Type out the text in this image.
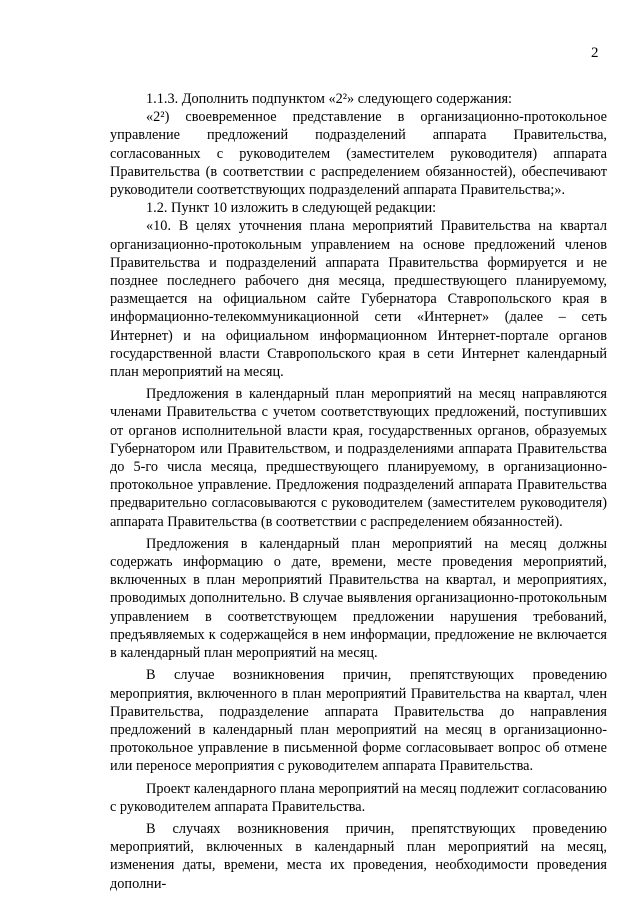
2

1.1.3. Дополнить подпунктом «2²» следующего содержания:

«2²) своевременное представление в организационно-протокольное управление предложений подразделений аппарата Правительства, согласованных с руководителем (заместителем руководителя) аппарата Правительства (в соответствии с распределением обязанностей), обеспечивают руководители соответствующих подразделений аппарата Правительства;».

1.2. Пункт 10 изложить в следующей редакции:

«10. В целях уточнения плана мероприятий Правительства на квартал организационно-протокольным управлением на основе предложений членов Правительства и подразделений аппарата Правительства формируется и не позднее последнего рабочего дня месяца, предшествующего планируемому, размещается на официальном сайте Губернатора Ставропольского края в информационно-телекоммуникационной сети «Интернет» (далее – сеть Интернет) и на официальном информационном Интернет-портале органов государственной власти Ставропольского края в сети Интернет календарный план мероприятий на месяц.

Предложения в календарный план мероприятий на месяц направляются членами Правительства с учетом соответствующих предложений, поступивших от органов исполнительной власти края, государственных органов, образуемых Губернатором или Правительством, и подразделениями аппарата Правительства до 5-го числа месяца, предшествующего планируемому, в организационно-протокольное управление. Предложения подразделений аппарата Правительства предварительно согласовываются с руководителем (заместителем руководителя) аппарата Правительства (в соответствии с распределением обязанностей).

Предложения в календарный план мероприятий на месяц должны содержать информацию о дате, времени, месте проведения мероприятий, включенных в план мероприятий Правительства на квартал, и мероприятиях, проводимых дополнительно. В случае выявления организационно-протокольным управлением в соответствующем предложении нарушения требований, предъявляемых к содержащейся в нем информации, предложение не включается в календарный план мероприятий на месяц.

В случае возникновения причин, препятствующих проведению мероприятия, включенного в план мероприятий Правительства на квартал, член Правительства, подразделение аппарата Правительства до направления предложений в календарный план мероприятий на месяц в организационно-протокольное управление в письменной форме согласовывает вопрос об отмене или переносе мероприятия с руководителем аппарата Правительства.

Проект календарного плана мероприятий на месяц подлежит согласованию с руководителем аппарата Правительства.

В случаях возникновения причин, препятствующих проведению мероприятий, включенных в календарный план мероприятий на месяц, изменения даты, времени, места их проведения, необходимости проведения дополни-
